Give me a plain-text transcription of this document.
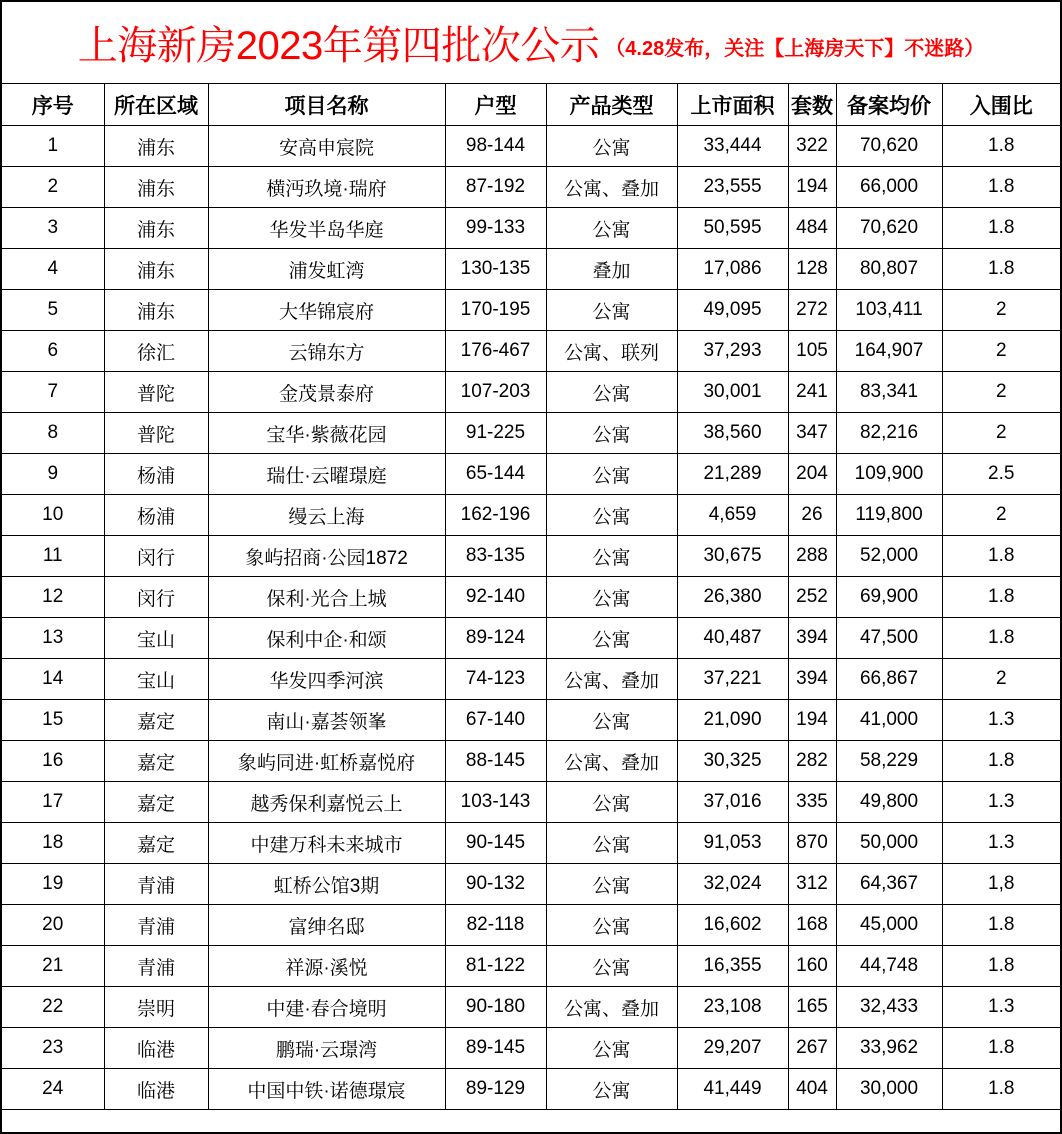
上海新房2023年第四批次公示 （4.28发布，关注【上海房天下】不迷路）
序号	所在区域	项目名称	户型	产品类型	上市面积	套数	备案均价	入围比
1	浦东	安高申宸院	98-144	公寓	33,444	322	70,620	1.8
2	浦东	横沔玖境·瑞府	87-192	公寓、叠加	23,555	194	66,000	1.8
3	浦东	华发半岛华庭	99-133	公寓	50,595	484	70,620	1.8
4	浦东	浦发虹湾	130-135	叠加	17,086	128	80,807	1.8
5	浦东	大华锦宸府	170-195	公寓	49,095	272	103,411	2
6	徐汇	云锦东方	176-467	公寓、联列	37,293	105	164,907	2
7	普陀	金茂景泰府	107-203	公寓	30,001	241	83,341	2
8	普陀	宝华·紫薇花园	91-225	公寓	38,560	347	82,216	2
9	杨浦	瑞仕·云曜璟庭	65-144	公寓	21,289	204	109,900	2.5
10	杨浦	缦云上海	162-196	公寓	4,659	26	119,800	2
11	闵行	象屿招商·公园1872	83-135	公寓	30,675	288	52,000	1.8
12	闵行	保利·光合上城	92-140	公寓	26,380	252	69,900	1.8
13	宝山	保利中企·和颂	89-124	公寓	40,487	394	47,500	1.8
14	宝山	华发四季河滨	74-123	公寓、叠加	37,221	394	66,867	2
15	嘉定	南山·嘉荟领峯	67-140	公寓	21,090	194	41,000	1.3
16	嘉定	象屿同进·虹桥嘉悦府	88-145	公寓、叠加	30,325	282	58,229	1.8
17	嘉定	越秀保利嘉悦云上	103-143	公寓	37,016	335	49,800	1.3
18	嘉定	中建万科未来城市	90-145	公寓	91,053	870	50,000	1.3
19	青浦	虹桥公馆3期	90-132	公寓	32,024	312	64,367	1,8
20	青浦	富绅名邸	82-118	公寓	16,602	168	45,000	1.8
21	青浦	祥源·溪悦	81-122	公寓	16,355	160	44,748	1.8
22	崇明	中建·春合境明	90-180	公寓、叠加	23,108	165	32,433	1.3
23	临港	鹏瑞·云璟湾	89-145	公寓	29,207	267	33,962	1.8
24	临港	中国中铁·诺德璟宸	89-129	公寓	41,449	404	30,000	1.8
